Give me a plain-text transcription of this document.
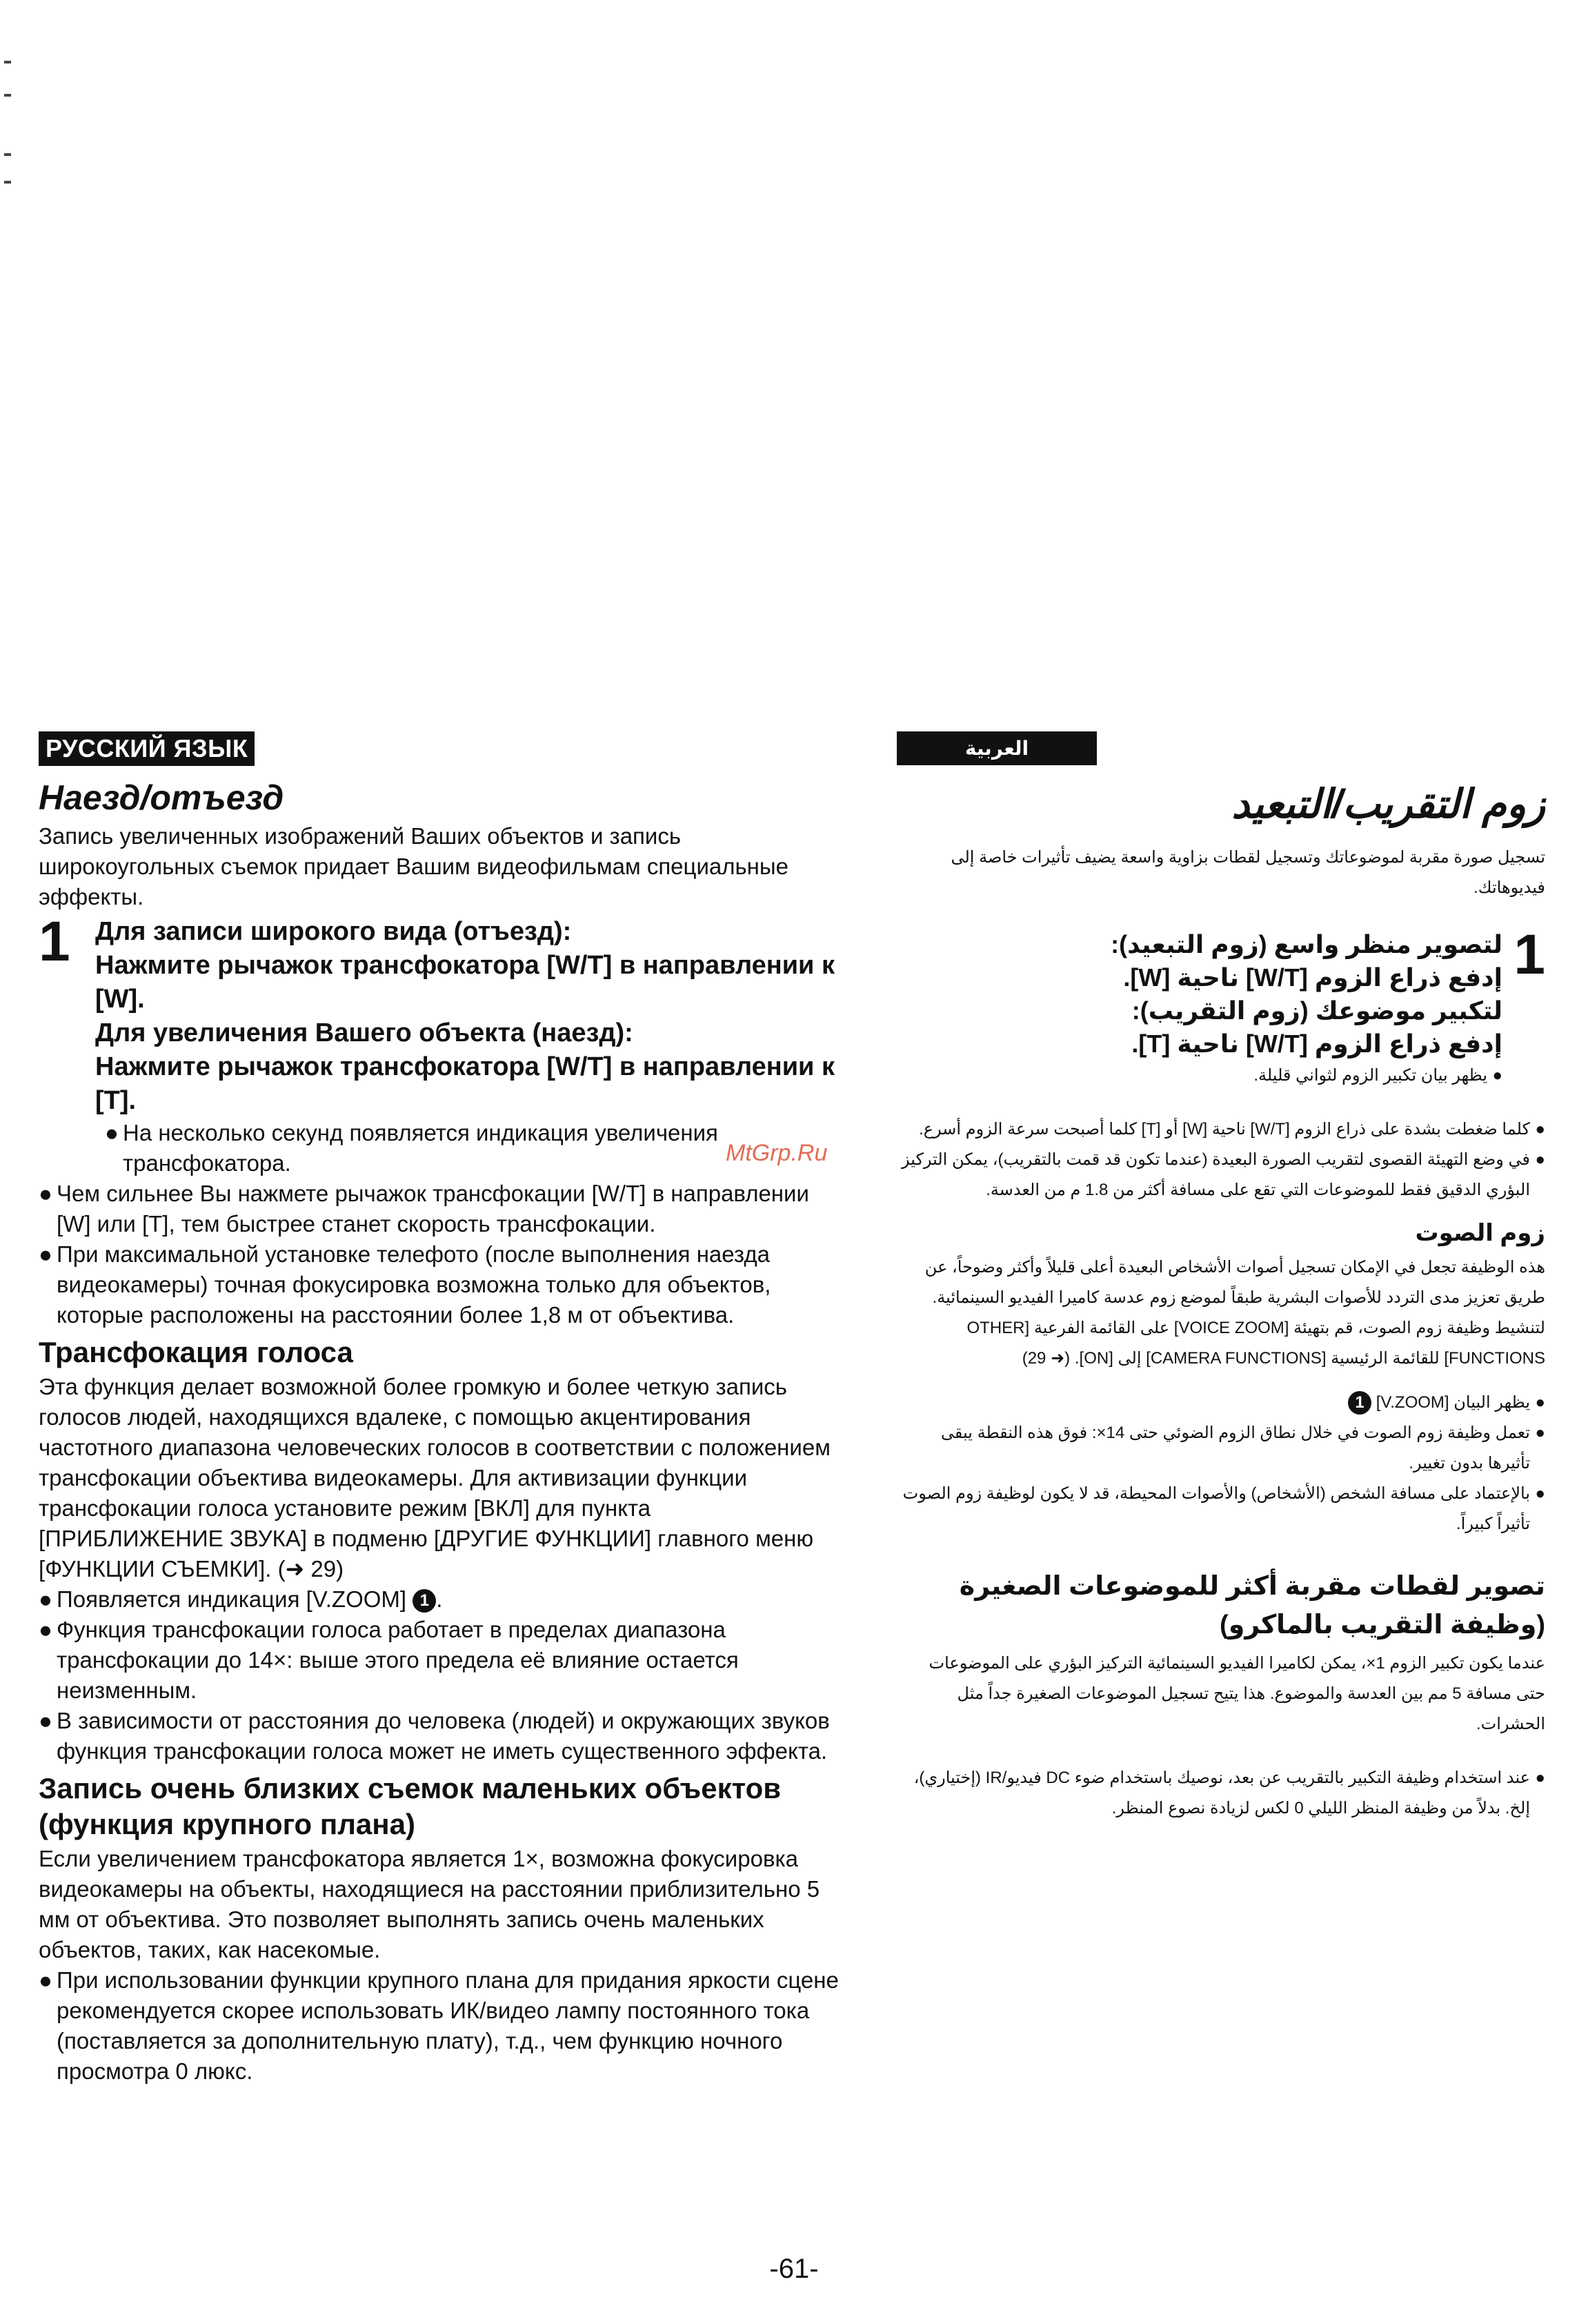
РУССКИЙ ЯЗЫК
Наезд/отъезд

Запись увеличенных изображений Ваших объектов и запись широкоугольных съемок придает Вашим видеофильмам специальные эффекты.

1 Для записи широкого вида (отъезд):
Нажмите рычажок трансфокатора [W/T] в направлении к [W].
Для увеличения Вашего объекта (наезд):
Нажмите рычажок трансфокатора [W/T] в направлении к [T].
● На несколько секунд появляется индикация увеличения трансфокатора.
● Чем сильнее Вы нажмете рычажок трансфокации [W/T] в направлении [W] или [T], тем быстрее станет скорость трансфокации.
● При максимальной установке телефото (после выполнения наезда видеокамеры) точная фокусировка возможна только для объектов, которые расположены на расстоянии более 1,8 м от объектива.
Трансфокация голоса

Эта функция делает возможной более громкую и более четкую запись голосов людей, находящихся вдалеке, с помощью акцентирования частотного диапазона человеческих голосов в соответствии с положением трансфокации объектива видеокамеры. Для активизации функции трансфокации голоса установите режим [ВКЛ] для пункта [ПРИБЛИЖЕНИЕ ЗВУКА] в подменю [ДРУГИЕ ФУНКЦИИ] главного меню [ФУНКЦИИ СЪЕМКИ]. (➜ 29)

● Появляется индикация [V.ZOOM] 1 .
● Функция трансфокации голоса работает в пределах диапазона трансфокации до 14×: выше этого предела её влияние остается неизменным.
● В зависимости от расстояния до человека (людей) и окружающих звуков функция трансфокации голоса может не иметь существенного эффекта.
Запись очень близких съемок маленьких объектов (функция крупного плана)

Если увеличением трансфокатора является 1×, возможна фокусировка видеокамеры на объекты, находящиеся на расстоянии приблизительно 5 мм от объектива. Это позволяет выполнять запись очень маленьких объектов, таких, как насекомые.

● При использовании функции крупного плана для придания яркости сцене рекомендуется скорее использовать ИК/видео лампу постоянного тока (поставляется за дополнительную плату), т.д., чем функцию ночного просмотра 0 люкс.
MtGrp.Ru
العربية
زوم التقريب/التبعيد

تسجيل صورة مقربة لموضوعاتك وتسجيل لقطات بزاوية واسعة يضيف تأثيرات خاصة إلى فيديوهاتك.

1
لتصوير منظر واسع (زوم التبعيد):
إدفع ذراع الزوم [W/T] ناحية [W].
لتكبير موضوعك (زوم التقريب):
إدفع ذراع الزوم [W/T] ناحية [T].
●
يظهر بيان تكبير الزوم لثواني قليلة.
●
كلما ضغطت بشدة على ذراع الزوم [W/T] ناحية [W] أو [T] كلما أصبحت سرعة الزوم أسرع.
●
في وضع التهيئة القصوى لتقريب الصورة البعيدة (عندما تكون قد قمت بالتقريب)، يمكن التركيز البؤري الدقيق فقط للموضوعات التي تقع على مسافة أكثر من 1.8 م من العدسة.
زوم الصوت

هذه الوظيفة تجعل في الإمكان تسجيل أصوات الأشخاص البعيدة أعلى قليلاً وأكثر وضوحاً، عن طريق تعزيز مدى التردد للأصوات البشرية طبقاً لموضع زوم عدسة كاميرا الفيديو السينمائية. لتنشيط وظيفة زوم الصوت، قم بتهيئة [VOICE ZOOM] على القائمة الفرعية [OTHER FUNCTIONS] للقائمة الرئيسية [CAMERA FUNCTIONS] إلى [ON]. (➜ 29)

●
يظهر البيان [V.ZOOM] 1
●
تعمل وظيفة زوم الصوت في خلال نطاق الزوم الضوئي حتى 14×: فوق هذه النقطة يبقى تأثيرها بدون تغيير.
●
بالإعتماد على مسافة الشخص (الأشخاص) والأصوات المحيطة، قد لا يكون لوظيفة زوم الصوت تأثيراً كبيراً.
تصوير لقطات مقربة أكثر للموضوعات الصغيرة (وظيفة التقريب بالماكرو)

عندما يكون تكبير الزوم 1×، يمكن لكاميرا الفيديو السينمائية التركيز البؤري على الموضوعات حتى مسافة 5 مم بين العدسة والموضوع. هذا يتيح تسجيل الموضوعات الصغيرة جداً مثل الحشرات.

●
عند استخدام وظيفة التكبير بالتقريب عن بعد، نوصيك باستخدام ضوء DC فيديو/IR (إختياري)، إلخ. بدلاً من وظيفة المنظر الليلي 0 لكس لزيادة نصوع المنظر.
-61-
